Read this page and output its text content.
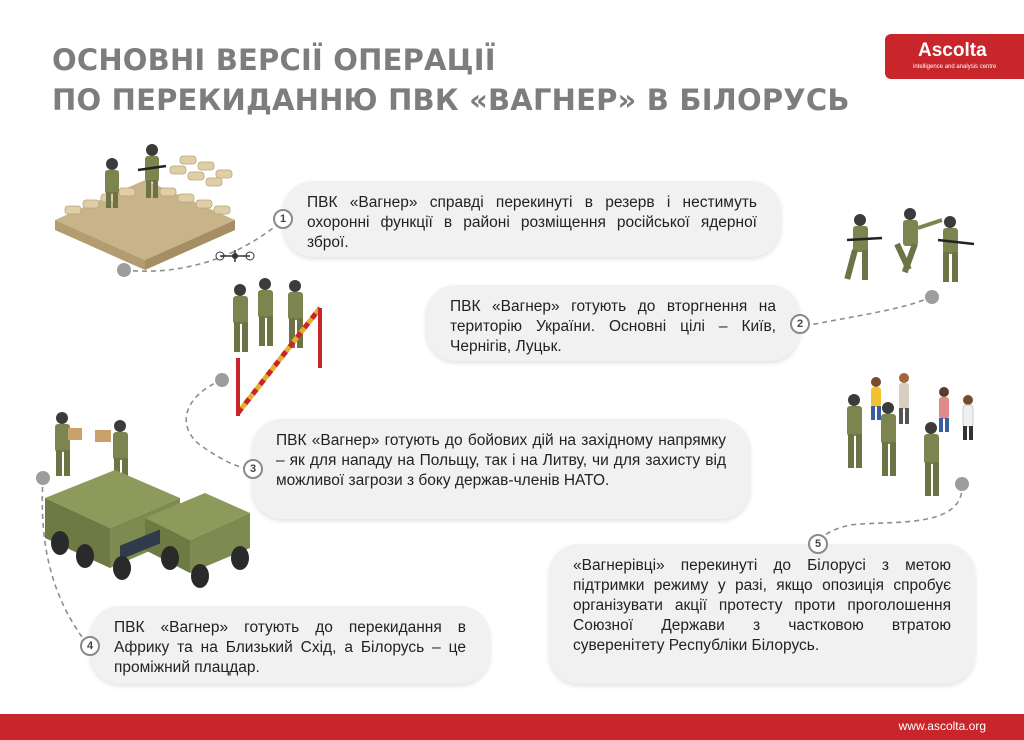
ОСНОВНІ ВЕРСІЇ ОПЕРАЦІЇ
ПО ПЕРЕКИДАННЮ ПВК «ВАГНЕР» В БІЛОРУСЬ
Ascolta
intelligence and analysis centre

ПВК «Вагнер» справді перекинуті в резерв і нестимуть охоронні функції в районі розміщення російської ядерної зброї.

1

ПВК «Вагнер» готують до вторгнення на територію України. Основні цілі – Київ, Чернігів, Луцьк.

2

ПВК «Вагнер» готують до бойових дій на західному напрямку – як для нападу на Польщу, так і на Литву, чи для захисту від можливої загрози з боку держав-членів НАТО.

3

ПВК «Вагнер» готують до перекидання в Африку та на Близький Схід, а Білорусь – це проміжний плацдар.

4

«Вагнерівці» перекинуті до Білорусі з метою підтримки режиму у разі, якщо опозиція спробує організувати акції протесту проти проголошення Союзної Держави з частковою втратою суверенітету Республіки Білорусь.

5
www.ascolta.org
